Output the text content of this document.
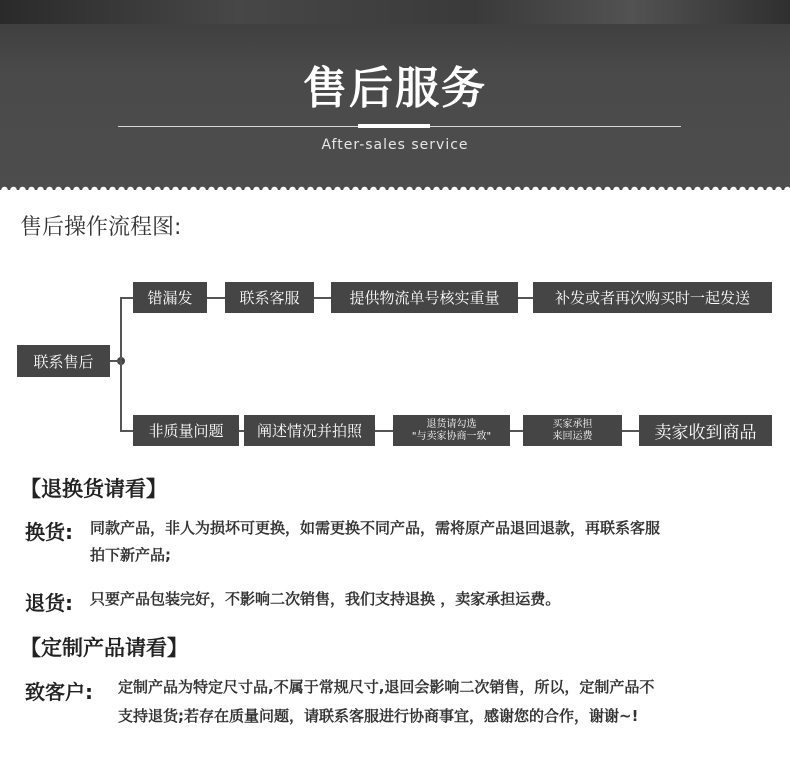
售后服务
After-sales service
售后操作流程图:
联系售后
错漏发	联系客服	提供物流单号核实重量	补发或者再次购买时一起发送
非质量问题	阐述情况并拍照	退货请勾选
"与卖家协商一致"
买家承担
来回运费	卖家收到商品
【退换货请看】
换货: 同款产品，非人为损坏可更换，如需更换不同产品，需将原产品退回退款，再联系客服
拍下新产品;
退货: 只要产品包装完好，不影响二次销售，我们支持退换 ，卖家承担运费。
【定制产品请看】
致客户: 定制产品为特定尺寸品,不属于常规尺寸,退回会影响二次销售，所以，定制产品不
支持退货;若存在质量问题，请联系客服进行协商事宜，感谢您的合作，谢谢~!
